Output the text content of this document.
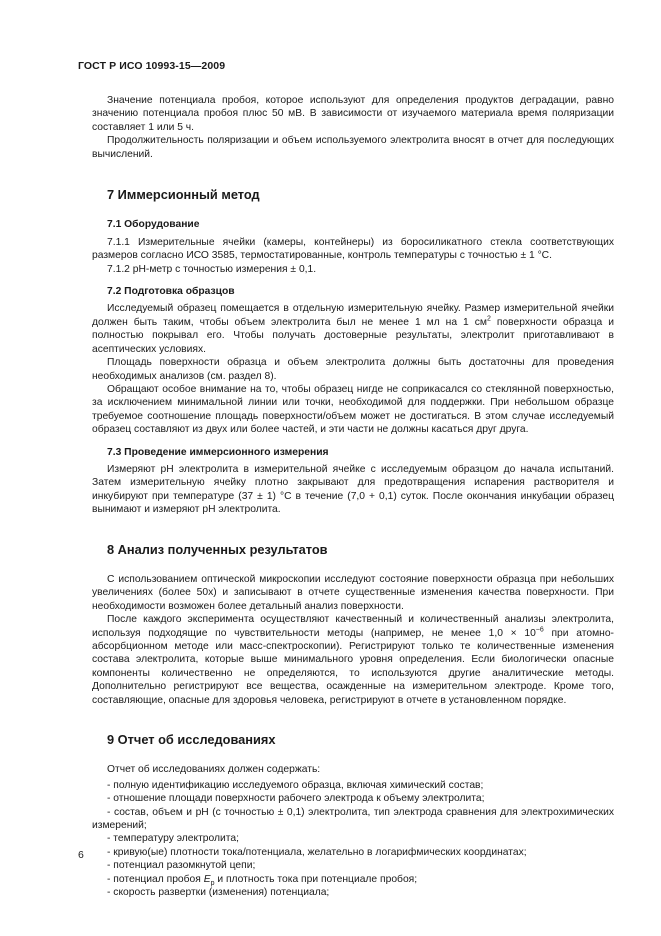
ГОСТ Р ИСО 10993-15—2009

Значение потенциала пробоя, которое используют для определения продуктов деградации, равно значению потенциала пробоя плюс 50 мВ. В зависимости от изучаемого материала время поляризации составляет 1 или 5 ч.

Продолжительность поляризации и объем используемого электролита вносят в отчет для последующих вычислений.

7 Иммерсионный метод
7.1 Оборудование

7.1.1 Измерительные ячейки (камеры, контейнеры) из боросиликатного стекла соответствующих размеров согласно ИСО 3585, термостатированные, контроль температуры с точностью ± 1 °С.

7.1.2 pH-метр с точностью измерения ± 0,1.

7.2 Подготовка образцов

Исследуемый образец помещается в отдельную измерительную ячейку. Размер измерительной ячейки должен быть таким, чтобы объем электролита был не менее 1 мл на 1 $см^2$ поверхности образца и полностью покрывал его. Чтобы получать достоверные результаты, электролит приготавливают в асептических условиях.

Площадь поверхности образца и объем электролита должны быть достаточны для проведения необходимых анализов (см. раздел 8).

Обращают особое внимание на то, чтобы образец нигде не соприкасался со стеклянной поверхностью, за исключением минимальной линии или точки, необходимой для поддержки. При небольшом образце требуемое соотношение площадь поверхности/объем может не достигаться. В этом случае исследуемый образец составляют из двух или более частей, и эти части не должны касаться друг друга.

7.3 Проведение иммерсионного измерения

Измеряют pH электролита в измерительной ячейке с исследуемым образцом до начала испытаний. Затем измерительную ячейку плотно закрывают для предотвращения испарения растворителя и инкубируют при температуре (37 ± 1) °С в течение (7,0 + 0,1) суток. После окончания инкубации образец вынимают и измеряют pH электролита.

8 Анализ полученных результатов

С использованием оптической микроскопии исследуют состояние поверхности образца при небольших увеличениях (более 50х) и записывают в отчете существенные изменения качества поверхности. При необходимости возможен более детальный анализ поверхности.

После каждого эксперимента осуществляют качественный и количественный анализы электролита, используя подходящие по чувствительности методы (например, не менее $1,0 \times 10^{-6}$ при атомно-абсорбционном методе или масс-спектроскопии). Регистрируют только те количественные изменения состава электролита, которые выше минимального уровня определения. Если биологически опасные компоненты количественно не определяются, то используются другие аналитические методы. Дополнительно регистрируют все вещества, осажденные на измерительном электроде. Кроме того, составляющие, опасные для здоровья человека, регистрируют в отчете в установленном порядке.

9 Отчет об исследованиях

Отчет об исследованиях должен содержать:

- полную идентификацию исследуемого образца, включая химический состав;
- отношение площади поверхности рабочего электрода к объему электролита;
- состав, объем и pH (с точностью ± 0,1) электролита, тип электрода сравнения для электрохимических измерений;
- температуру электролита;
- кривую(ые) плотности тока/потенциала, желательно в логарифмических координатах;
- потенциал разомкнутой цепи;
- потенциал пробоя $E_p$ и плотность тока при потенциале пробоя;
- скорость развертки (изменения) потенциала;
6
